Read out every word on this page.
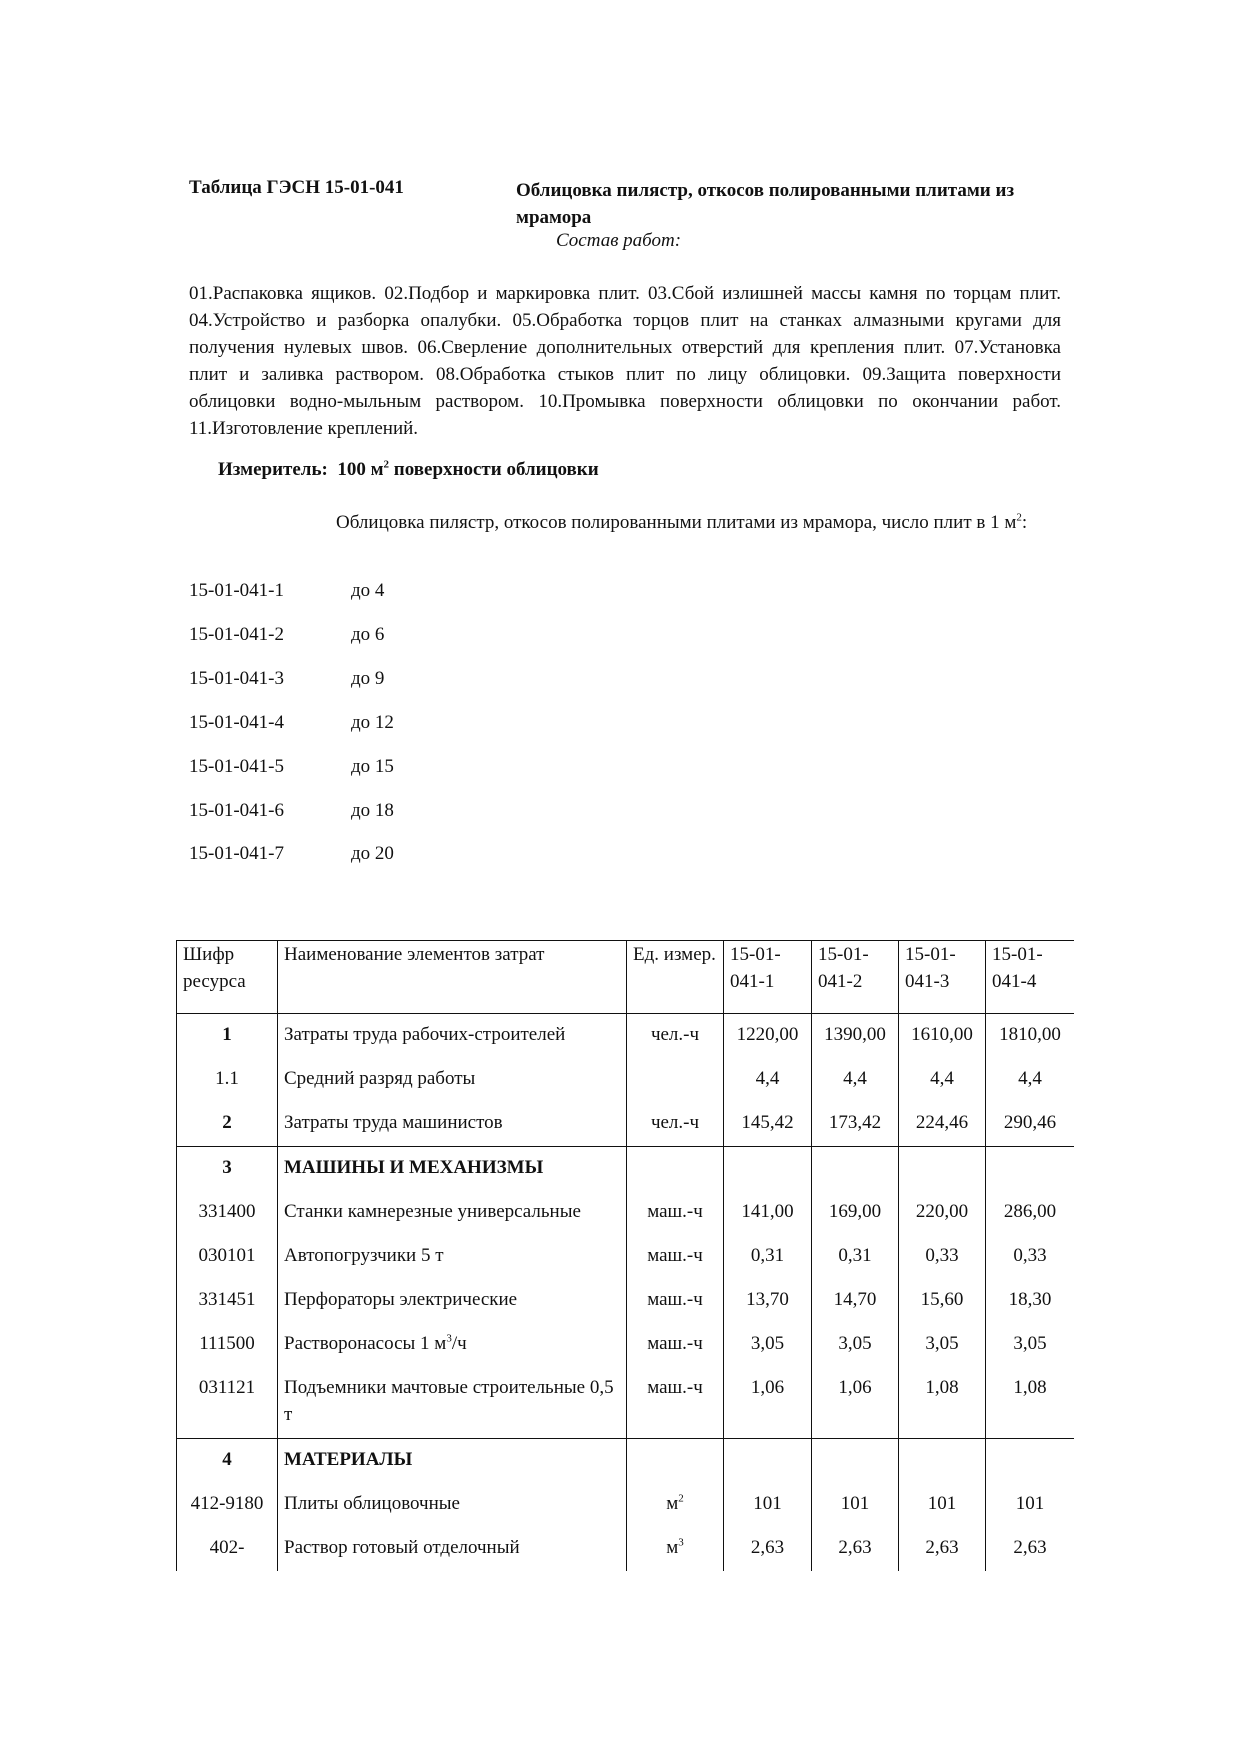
Таблица ГЭСН 15-01-041	Облицовка пилястр, откосов полированными плитами из мрамора
Состав работ:
01.Распаковка ящиков. 02.Подбор и маркировка плит. 03.Сбой излишней массы камня по торцам плит. 04.Устройство и разборка опалубки. 05.Обработка торцов плит на станках алмазными кругами для получения нулевых швов. 06.Сверление дополнительных отверстий для крепления плит. 07.Установка плит и заливка раствором. 08.Обработка стыков плит по лицу облицовки. 09.Защита поверхности облицовки водно-мыльным раствором. 10.Промывка поверхности облицовки по окончании работ. 11.Изготовление креплений.
Измеритель: 100 $м^2$ поверхности облицовки
Облицовка пилястр, откосов полированными плитами из мрамора, число плит в 1 $м^2$:
15-01-041-1	до 4
15-01-041-2	до 6
15-01-041-3	до 9
15-01-041-4	до 12
15-01-041-5	до 15
15-01-041-6	до 18
15-01-041-7	до 20
Шифр ресурса	Наименование элементов затрат	Ед. измер.	15-01-041-1	15-01-041-2	15-01-041-3	15-01-041-4
1	Затраты труда рабочих-строителей	чел.-ч	1220,00	1390,00	1610,00	1810,00
1.1	Средний разряд работы		4,4	4,4	4,4	4,4
2	Затраты труда машинистов	чел.-ч	145,42	173,42	224,46	290,46
3	МАШИНЫ И МЕХАНИЗМЫ					
331400	Станки камнерезные универсальные	маш.-ч	141,00	169,00	220,00	286,00
030101	Автопогрузчики 5 т	маш.-ч	0,31	0,31	0,33	0,33
331451	Перфораторы электрические	маш.-ч	13,70	14,70	15,60	18,30
111500	Растворонасосы 1 $м^3/ч$	маш.-ч	3,05	3,05	3,05	3,05
031121	Подъемники мачтовые строительные 0,5 т	маш.-ч	1,06	1,06	1,08	1,08
4	МАТЕРИАЛЫ					
412-9180	Плиты облицовочные	$м^2$	101	101	101	101
402-	Раствор готовый отделочный	$м^3$	2,63	2,63	2,63	2,63
